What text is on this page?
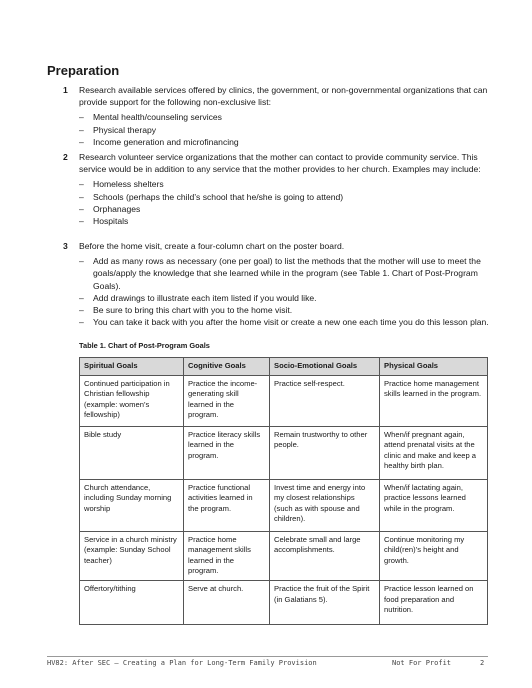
Preparation
1 Research available services offered by clinics, the government, or non-governmental organizations that can provide support for the following non-exclusive list:
– Mental health/counseling services
– Physical therapy
– Income generation and microfinancing
2 Research volunteer service organizations that the mother can contact to provide community service. This service would be in addition to any service that the mother provides to her church. Examples may include:
– Homeless shelters
– Schools (perhaps the child’s school that he/she is going to attend)
– Orphanages
– Hospitals
3 Before the home visit, create a four-column chart on the poster board.
– Add as many rows as necessary (one per goal) to list the methods that the mother will use to meet the goals/apply the knowledge that she learned while in the program (see Table 1. Chart of Post-Program Goals).
– Add drawings to illustrate each item listed if you would like.
– Be sure to bring this chart with you to the home visit.
– You can take it back with you after the home visit or create a new one each time you do this lesson plan.
Table 1. Chart of Post-Program Goals
Spiritual Goals	Cognitive Goals	Socio-Emotional Goals	Physical Goals
Continued participation in Christian fellowship (example: women’s fellowship)	Practice the income-generating skill learned in the program.	Practice self-respect.	Practice home management skills learned in the program.
Bible study	Practice literacy skills learned in the program.	Remain trustworthy to other people.	When/if pregnant again, attend prenatal visits at the clinic and make and keep a healthy birth plan.
Church attendance, including Sunday morning worship	Practice functional activities learned in the program.	Invest time and energy into my closest relationships (such as with spouse and children).	When/if lactating again, practice lessons learned while in the program.
Service in a church ministry (example: Sunday School teacher)	Practice home management skills learned in the program.	Celebrate small and large accomplishments.	Continue monitoring my child(ren)’s height and growth.
Offertory/tithing	Serve at church.	Practice the fruit of the Spirit (in Galatians 5).	Practice lesson learned on food preparation and nutrition.
HV82: After SEC – Creating a Plan for Long-Term Family Provision	Not For Profit	2
